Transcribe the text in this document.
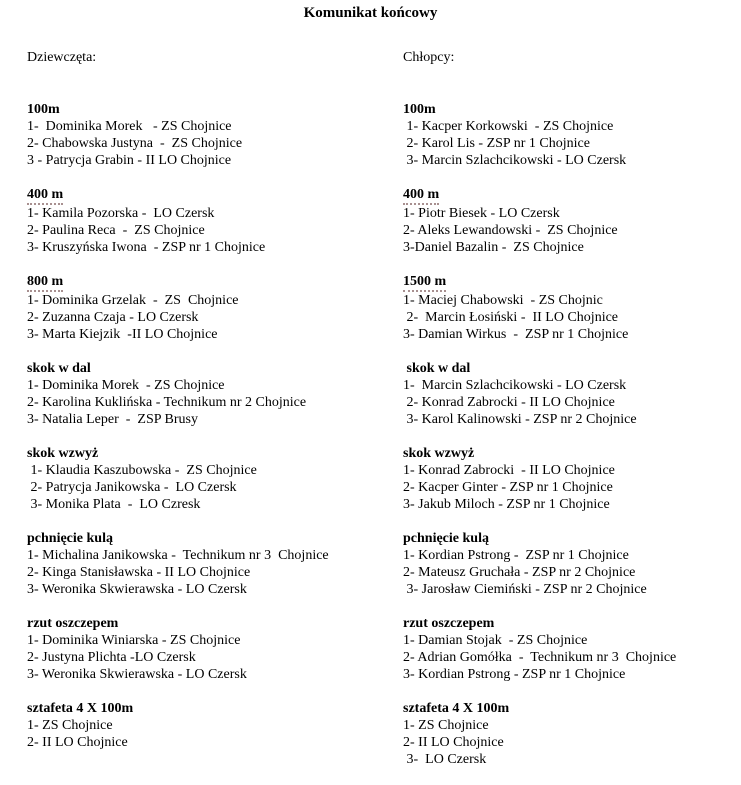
Komunikat końcowy
Dziewczęta:
100m
1-  Dominika Morek   - ZS Chojnice
2- Chabowska Justyna  -  ZS Chojnice
3 - Patrycja Grabin - II LO Chojnice
400 m
1- Kamila Pozorska -  LO Czersk
2- Paulina Reca  -  ZS Chojnice
3- Kruszyńska Iwona  - ZSP nr 1 Chojnice
800 m
1- Dominika Grzelak  -  ZS  Chojnice
2- Zuzanna Czaja - LO Czersk
3- Marta Kiejzik  -II LO Chojnice
skok w dal
1- Dominika Morek  - ZS Chojnice
2- Karolina Kuklińska - Technikum nr 2 Chojnice
3- Natalia Leper  -  ZSP Brusy
skok wzwyż
1- Klaudia Kaszubowska -  ZS Chojnice
2- Patrycja Janikowska -  LO Czersk
3- Monika Plata  -  LO Czresk
pchnięcie kulą
1- Michalina Janikowska -  Technikum nr 3  Chojnice
2- Kinga Stanisławska - II LO Chojnice
3- Weronika Skwierawska - LO Czersk
rzut oszczepem
1- Dominika Winiarska - ZS Chojnice
2- Justyna Plichta -LO Czersk
3- Weronika Skwierawska - LO Czersk
sztafeta 4 X 100m
1- ZS Chojnice
2- II LO Chojnice
Chłopcy:
100m
1- Kacper Korkowski  - ZS Chojnice
2- Karol Lis - ZSP nr 1 Chojnice
3- Marcin Szlachcikowski - LO Czersk
400 m
1- Piotr Biesek - LO Czersk
2- Aleks Lewandowski -  ZS Chojnice
3-Daniel Bazalin -  ZS Chojnice
1500 m
1- Maciej Chabowski  - ZS Chojnic
2-  Marcin Łosiński -  II LO Chojnice
3- Damian Wirkus  -  ZSP nr 1 Chojnice
skok w dal
1-  Marcin Szlachcikowski - LO Czersk
2- Konrad Zabrocki - II LO Chojnice
3- Karol Kalinowski - ZSP nr 2 Chojnice
skok wzwyż
1- Konrad Zabrocki  - II LO Chojnice
2- Kacper Ginter - ZSP nr 1 Chojnice
3- Jakub Miloch - ZSP nr 1 Chojnice
pchnięcie kulą
1- Kordian Pstrong -  ZSP nr 1 Chojnice
2- Mateusz Gruchała - ZSP nr 2 Chojnice
3- Jarosław Ciemiński - ZSP nr 2 Chojnice
rzut oszczepem
1- Damian Stojak  - ZS Chojnice
2- Adrian Gomółka  -  Technikum nr 3  Chojnice
3- Kordian Pstrong - ZSP nr 1 Chojnice
sztafeta 4 X 100m
1- ZS Chojnice
2- II LO Chojnice
3-  LO Czersk
